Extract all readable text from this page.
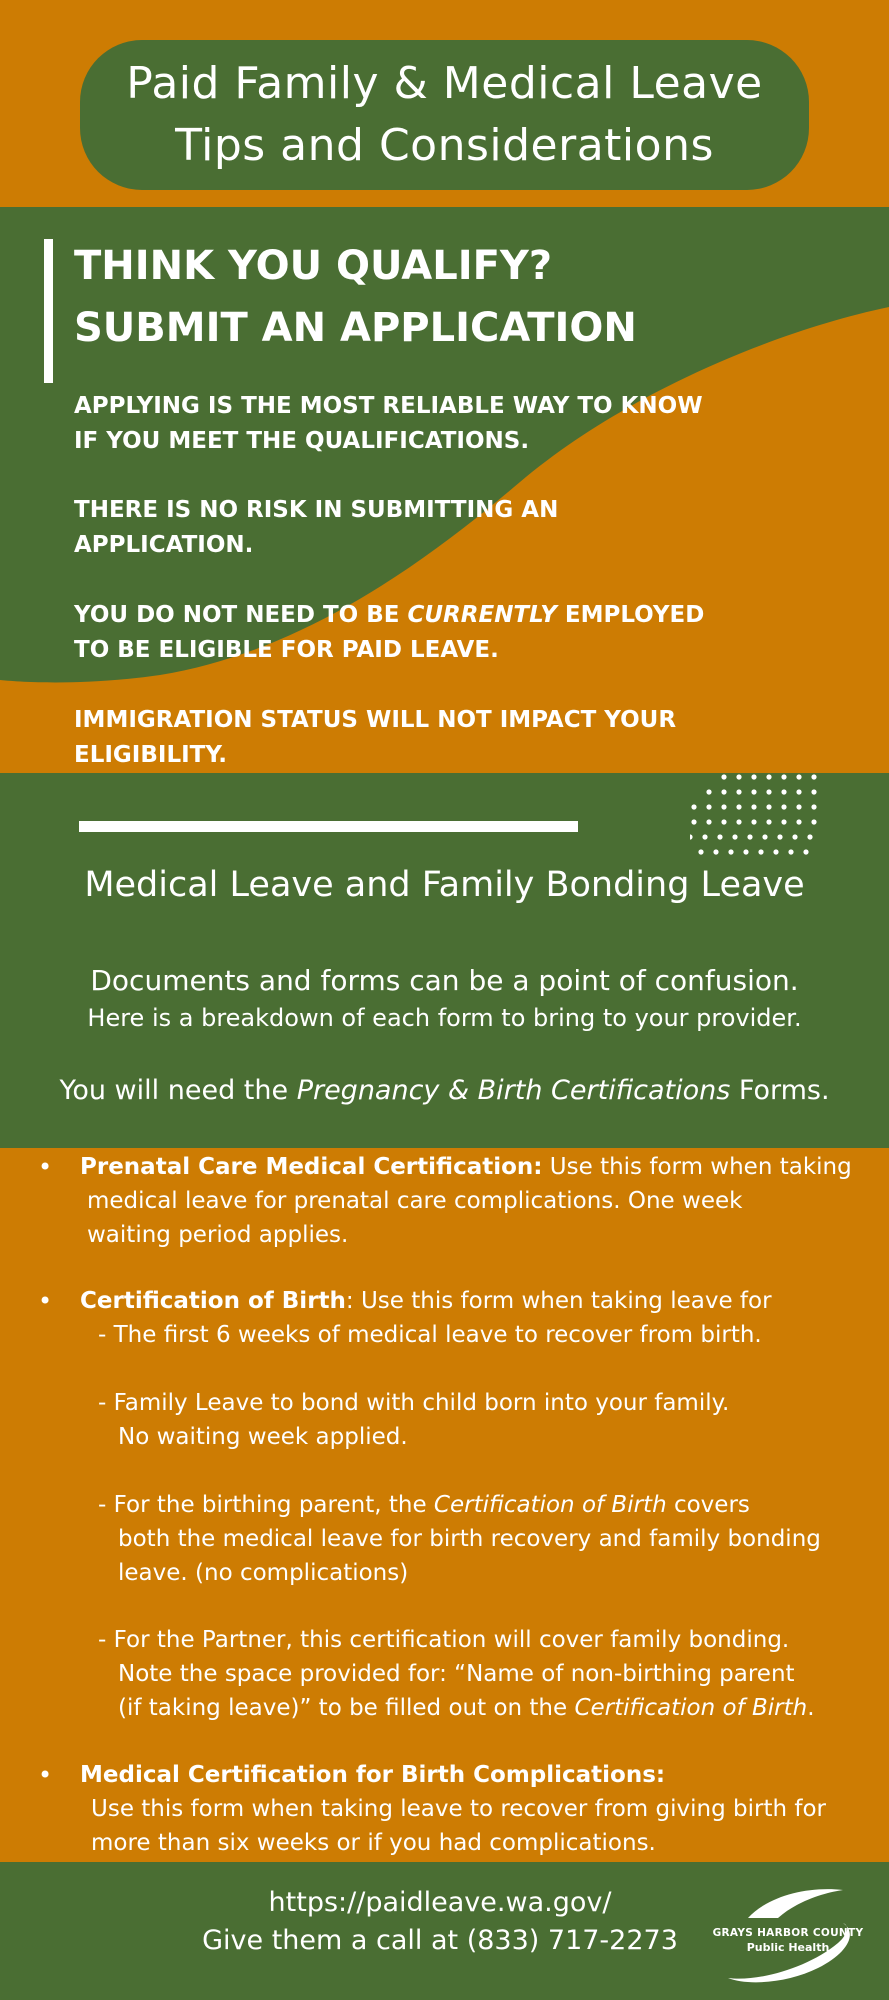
Paid Family & Medical Leave
Tips and Considerations
THINK YOU QUALIFY?
SUBMIT AN APPLICATION
APPLYING IS THE MOST RELIABLE WAY TO KNOW
IF YOU MEET THE QUALIFICATIONS.
THERE IS NO RISK IN SUBMITTING AN
APPLICATION.
YOU DO NOT NEED TO BE CURRENTLY EMPLOYED
TO BE ELIGIBLE FOR PAID LEAVE.
IMMIGRATION STATUS WILL NOT IMPACT YOUR
ELIGIBILITY.
Medical Leave and Family Bonding Leave
Documents and forms can be a point of confusion.
Here is a breakdown of each form to bring to your provider.
You will need the Pregnancy & Birth Certifications Forms.
• Prenatal Care Medical Certification: Use this form when taking
medical leave for prenatal care complications. One week
waiting period applies.
• Certification of Birth: Use this form when taking leave for
- The first 6 weeks of medical leave to recover from birth.
- Family Leave to bond with child born into your family.
No waiting week applied.
- For the birthing parent, the Certification of Birth covers
both the medical leave for birth recovery and family bonding
leave. (no complications)
- For the Partner, this certification will cover family bonding.
Note the space provided for: “Name of non-birthing parent
(if taking leave)” to be filled out on the Certification of Birth.
• Medical Certification for Birth Complications:
Use this form when taking leave to recover from giving birth for
more than six weeks or if you had complications.
https://paidleave.wa.gov/
Give them a call at (833) 717-2273	GRAYS HARBOR COUNTY
Public Health
